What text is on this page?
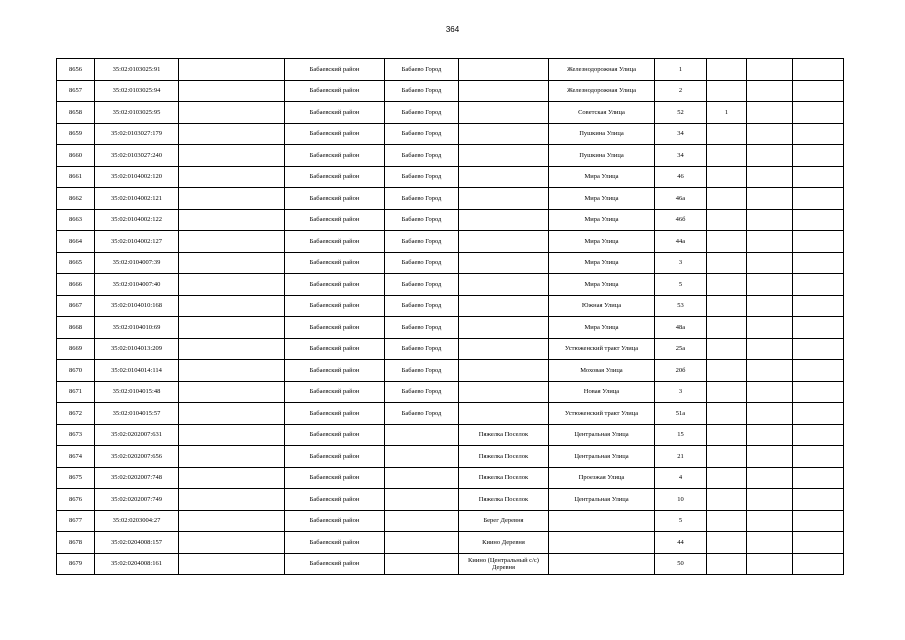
364
8656	35:02:0103025:91		Бабаевский район	Бабаево Город		Железнодорожная Улица	1			
8657	35:02:0103025:94		Бабаевский район	Бабаево Город		Железнодорожная Улица	2			
8658	35:02:0103025:95		Бабаевский район	Бабаево Город		Советская Улица	52	1		
8659	35:02:0103027:179		Бабаевский район	Бабаево Город		Пушкина Улица	34			
8660	35:02:0103027:240		Бабаевский район	Бабаево Город		Пушкина Улица	34			
8661	35:02:0104002:120		Бабаевский район	Бабаево Город		Мира Улица	46			
8662	35:02:0104002:121		Бабаевский район	Бабаево Город		Мира Улица	46а			
8663	35:02:0104002:122		Бабаевский район	Бабаево Город		Мира Улица	46б			
8664	35:02:0104002:127		Бабаевский район	Бабаево Город		Мира Улица	44а			
8665	35:02:0104007:39		Бабаевский район	Бабаево Город		Мира Улица	3			
8666	35:02:0104007:40		Бабаевский район	Бабаево Город		Мира Улица	5			
8667	35:02:0104010:168		Бабаевский район	Бабаево Город		Южная Улица	53			
8668	35:02:0104010:69		Бабаевский район	Бабаево Город		Мира Улица	48а			
8669	35:02:0104013:209		Бабаевский район	Бабаево Город		Устюженский тракт Улица	25а			
8670	35:02:0104014:114		Бабаевский район	Бабаево Город		Моховая Улица	20б			
8671	35:02:0104015:48		Бабаевский район	Бабаево Город		Новая Улица	3			
8672	35:02:0104015:57		Бабаевский район	Бабаево Город		Устюженский тракт Улица	51а			
8673	35:02:0202007:631		Бабаевский район		Пяжелка Поселок	Центральная Улица	15			
8674	35:02:0202007:656		Бабаевский район		Пяжелка Поселок	Центральная Улица	21			
8675	35:02:0202007:748		Бабаевский район		Пяжелка Поселок	Проезжая Улица	4			
8676	35:02:0202007:749		Бабаевский район		Пяжелка Поселок	Центральная Улица	10			
8677	35:02:0203004:27		Бабаевский район		Берег Деревня		5			
8678	35:02:0204008:157		Бабаевский район		Киино Деревня		44			
8679	35:02:0204008:161		Бабаевский район		Киино (Центральный с/с) Деревня		50			
